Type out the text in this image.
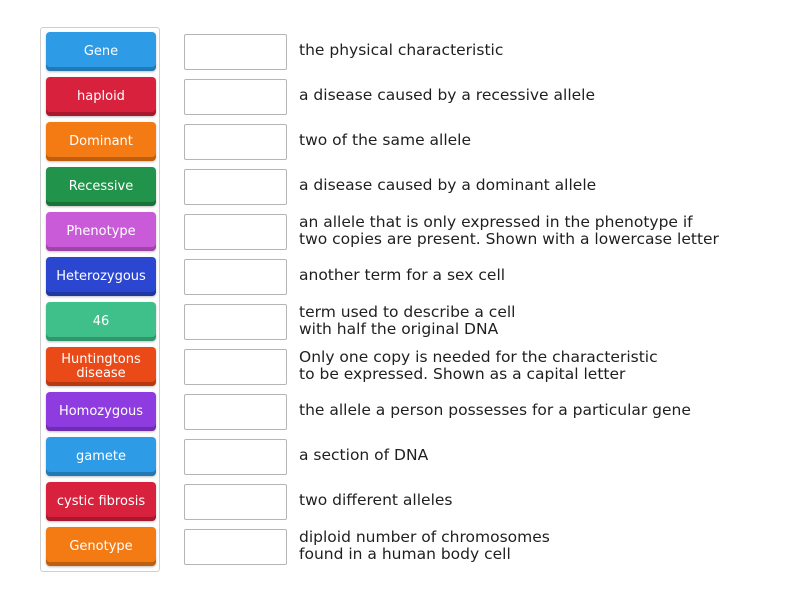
Gene
haploid
Dominant
Recessive
Phenotype
Heterozygous
46
Huntingtons disease
Homozygous
gamete
cystic fibrosis
Genotype
the physical characteristic
a disease caused by a recessive allele
two of the same allele
a disease caused by a dominant allele
an allele that is only expressed in the phenotype if
two copies are present. Shown with a lowercase letter
another term for a sex cell
term used to describe a cell
with half the original DNA
Only one copy is needed for the characteristic
to be expressed. Shown as a capital letter
the allele a person possesses for a particular gene
a section of DNA
two different alleles
diploid number of chromosomes
found in a human body cell
